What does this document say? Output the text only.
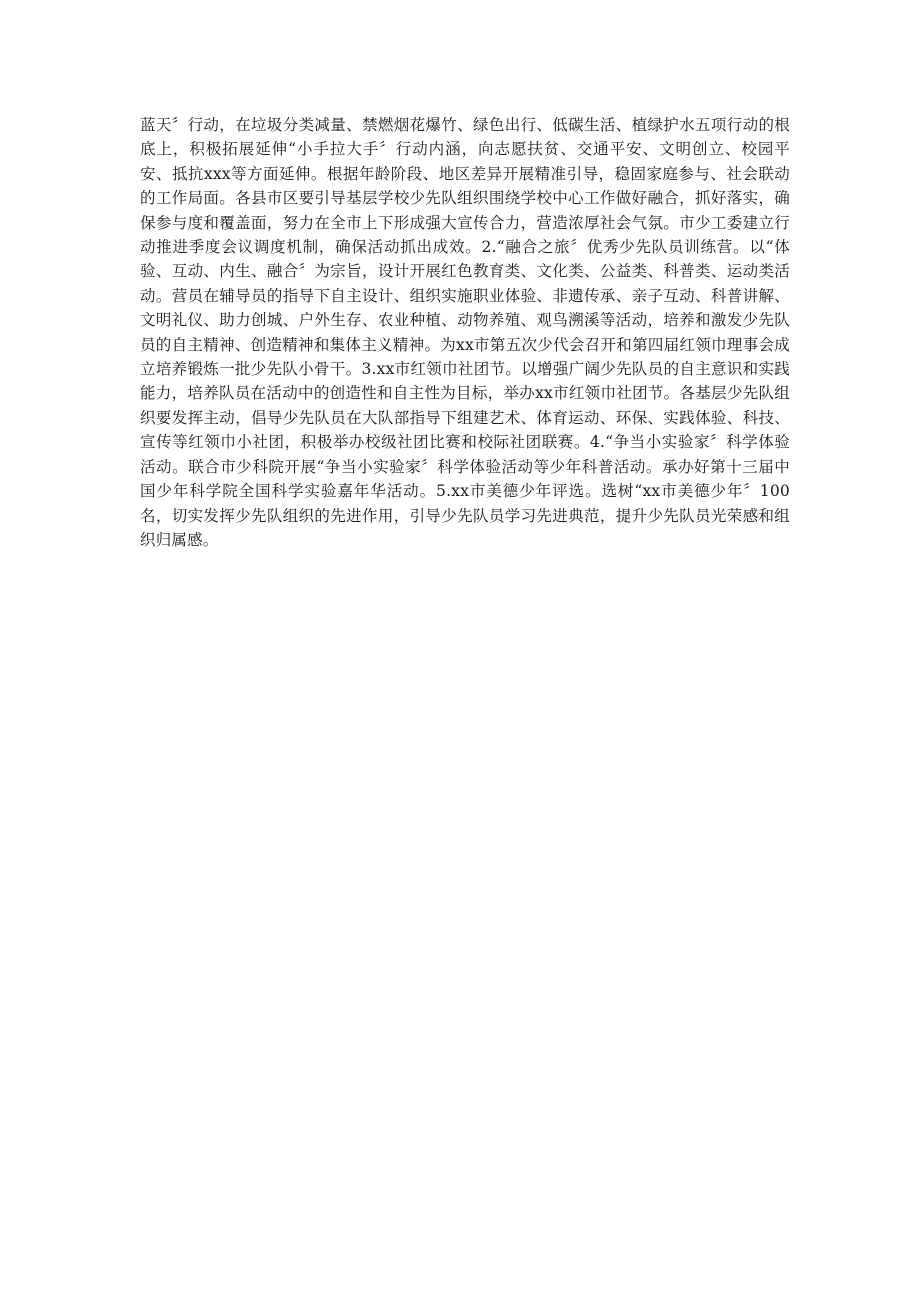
蓝天〞行动，在垃圾分类减量、禁燃烟花爆竹、绿色出行、低碳生活、植绿护水五项行动的根底上，积极拓展延伸“小手拉大手〞行动内涵，向志愿扶贫、交通平安、文明创立、校园平安、抵抗xxx等方面延伸。根据年龄阶段、地区差异开展精准引导，稳固家庭参与、社会联动的工作局面。各县市区要引导基层学校少先队组织围绕学校中心工作做好融合，抓好落实，确保参与度和覆盖面，努力在全市上下形成强大宣传合力，营造浓厚社会气氛。市少工委建立行动推进季度会议调度机制，确保活动抓出成效。2.“融合之旅〞优秀少先队员训练营。以“体验、互动、内生、融合〞为宗旨，设计开展红色教育类、文化类、公益类、科普类、运动类活动。营员在辅导员的指导下自主设计、组织实施职业体验、非遗传承、亲子互动、科普讲解、文明礼仪、助力创城、户外生存、农业种植、动物养殖、观鸟溯溪等活动，培养和激发少先队员的自主精神、创造精神和集体主义精神。为xx市第五次少代会召开和第四届红领巾理事会成立培养锻炼一批少先队小骨干。3.xx市红领巾社团节。以增强广阔少先队员的自主意识和实践能力，培养队员在活动中的创造性和自主性为目标，举办xx市红领巾社团节。各基层少先队组织要发挥主动，倡导少先队员在大队部指导下组建艺术、体育运动、环保、实践体验、科技、宣传等红领巾小社团，积极举办校级社团比赛和校际社团联赛。4.“争当小实验家〞科学体验活动。联合市少科院开展“争当小实验家〞科学体验活动等少年科普活动。承办好第十三届中国少年科学院全国科学实验嘉年华活动。5.xx市美德少年评选。选树“xx市美德少年〞100名，切实发挥少先队组织的先进作用，引导少先队员学习先进典范，提升少先队员光荣感和组织归属感。
